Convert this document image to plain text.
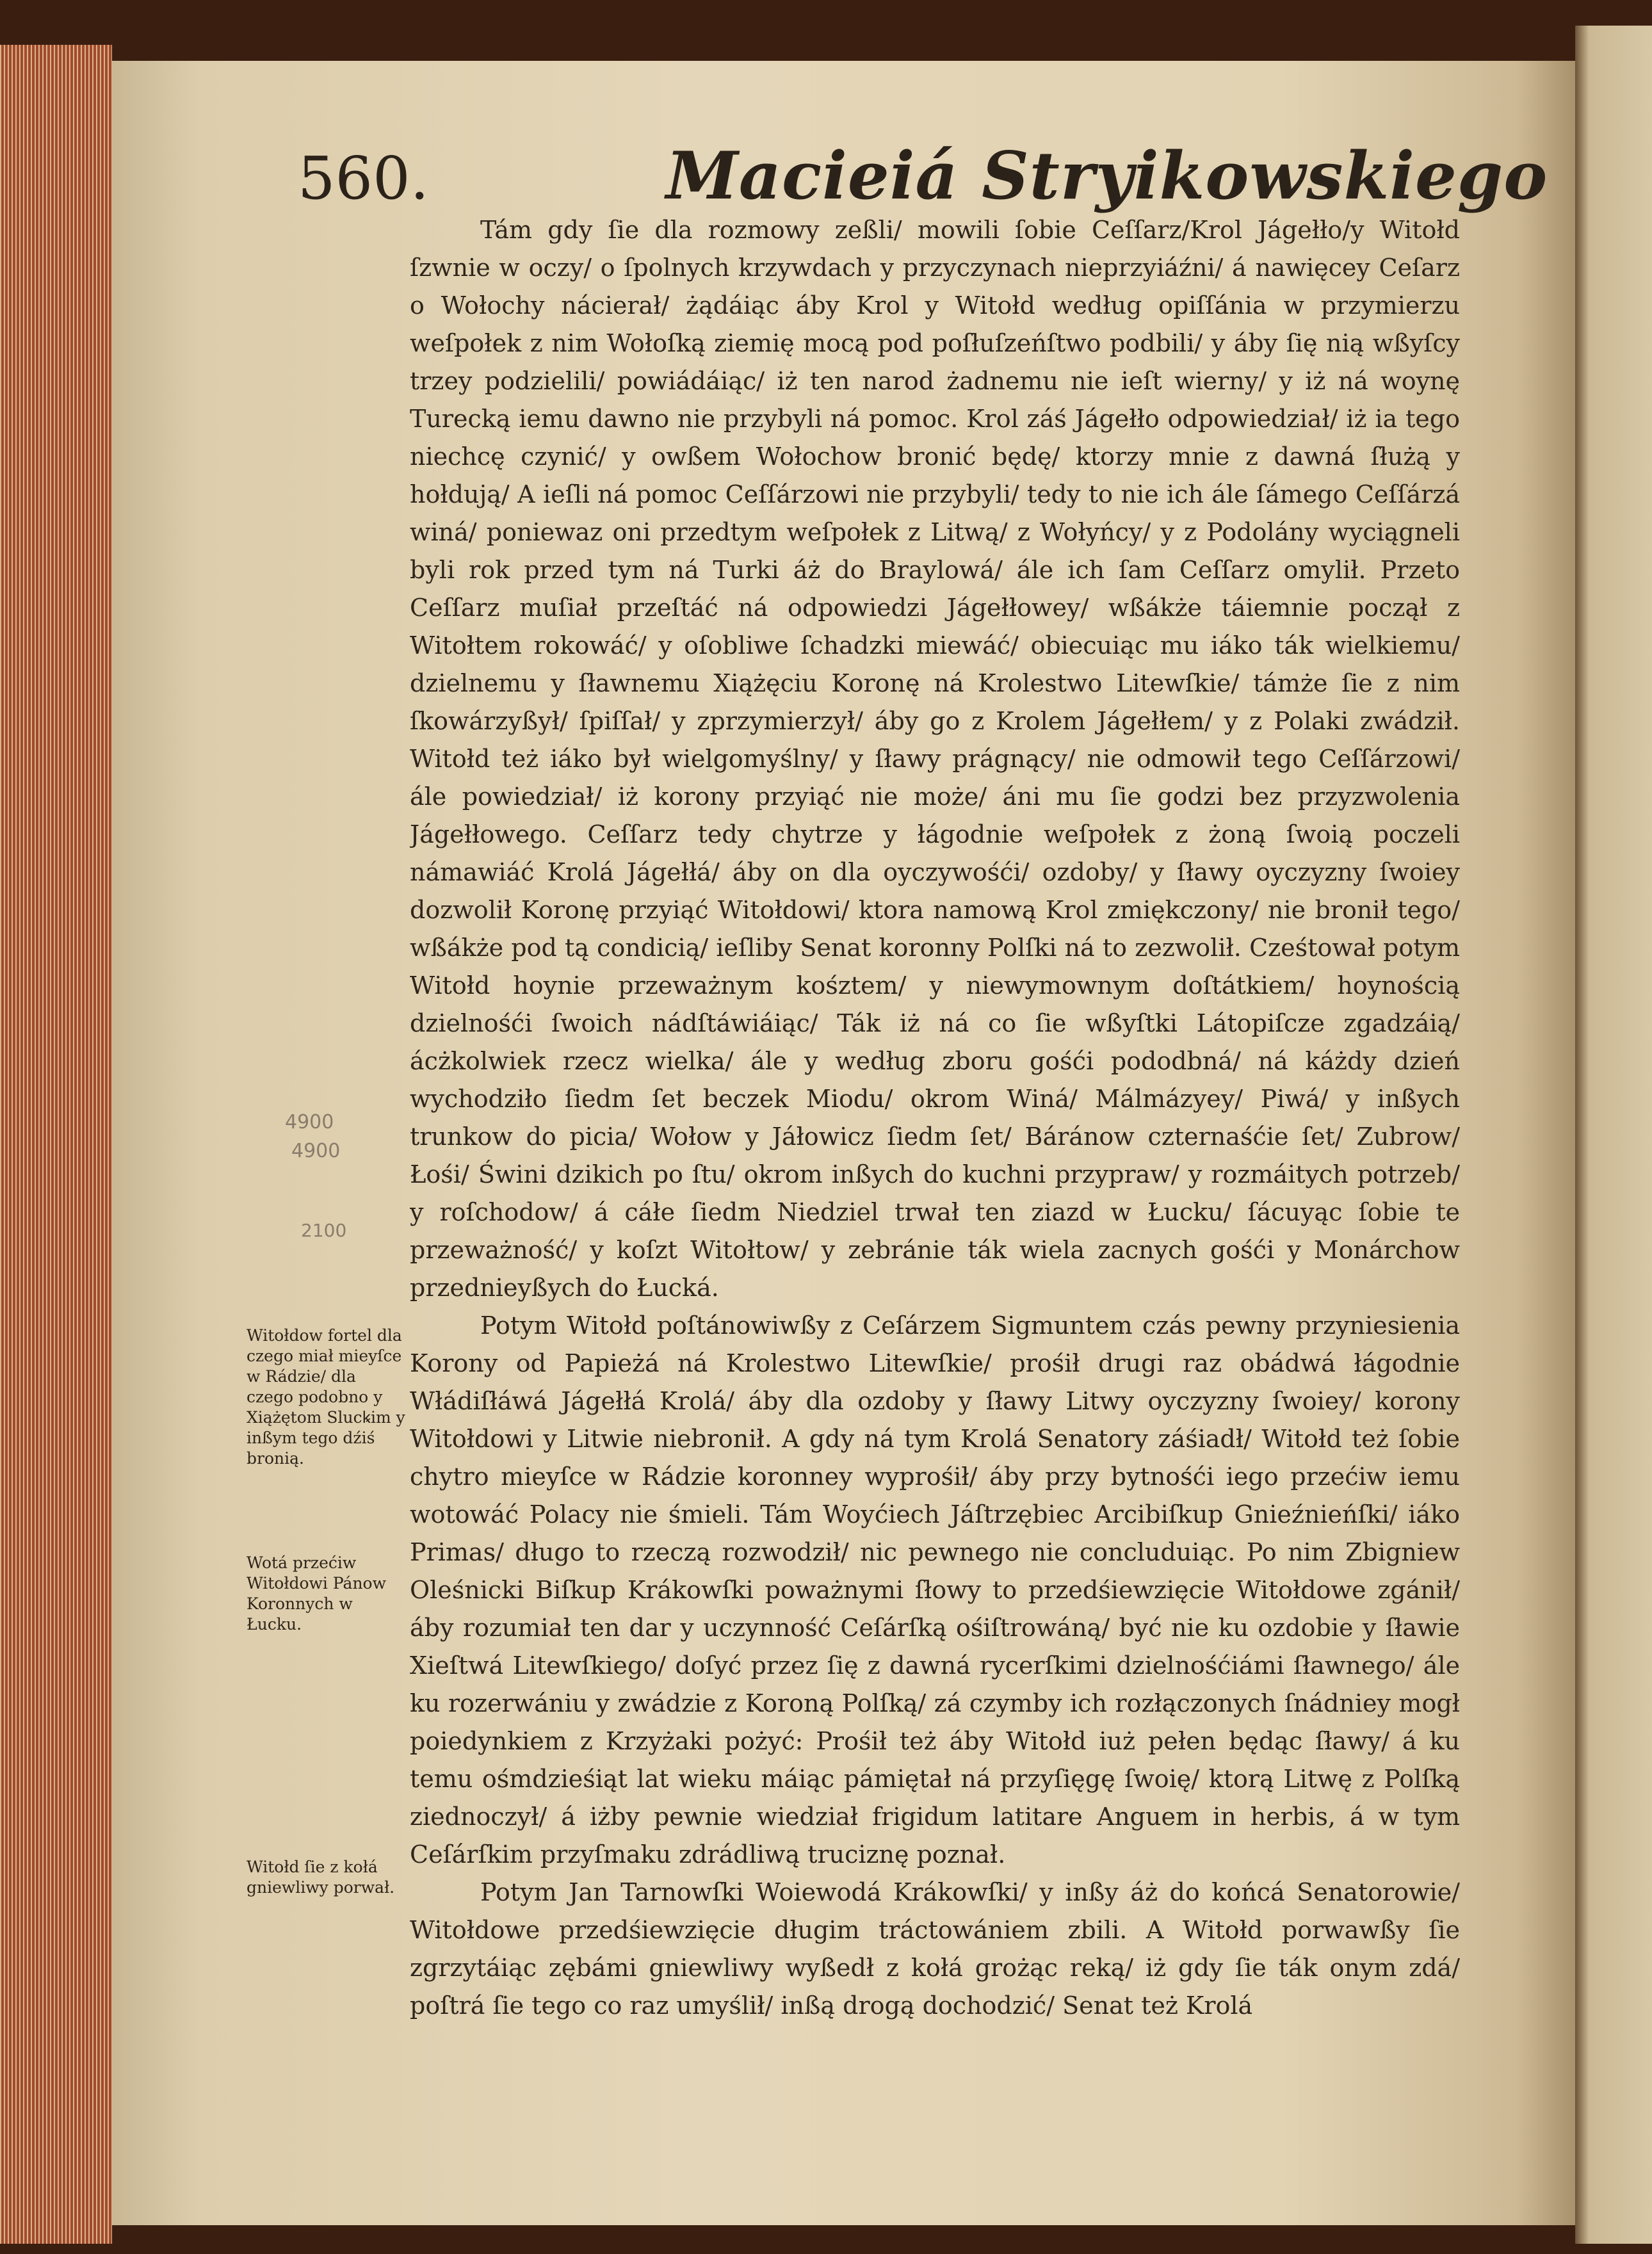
560.	Macieiá Stryikowskiego

Tám gdy ſie dla rozmowy zeßli/ mowili ſobie Ceſſarz/Krol Jágełło/y Witołd ſzwnie w oczy/ o ſpolnych krzywdach y przyczynach nieprzyiáźni/ á nawięcey Ceſarz o Wołochy nácierał/ żądáiąc áby Krol y Witołd według opiſſánia w przymierzu weſpołek z nim Wołoſką ziemię mocą pod poſłuſzeńſtwo podbili/ y áby ſię nią wßyſcy trzey podzielili/ powiádáiąc/ iż ten narod żadnemu nie ieſt wierny/ y iż ná woynę Turecką iemu dawno nie przybyli ná pomoc. Krol záś Jágełło odpowiedział/ iż ia tego niechcę czynić/ y owßem Wołochow bronić będę/ ktorzy mnie z dawná ſłużą y hołdują/ A ieſli ná pomoc Ceſſárzowi nie przybyli/ tedy to nie ich ále ſámego Ceſſárzá winá/ poniewaz oni przedtym weſpołek z Litwą/ z Wołyńcy/ y z Podolány wyciągneli byli rok przed tym ná Turki áż do Braylowá/ ále ich ſam Ceſſarz omylił. Przeto Ceſſarz muſiał przeſtáć ná odpowiedzi Jágełłowey/ wßákże táiemnie począł z Witołtem rokowáć/ y oſobliwe ſchadzki miewáć/ obiecuiąc mu iáko ták wielkiemu/ dzielnemu y ſławnemu Xiążęciu Koronę ná Krolestwo Litewſkie/ támże ſie z nim ſkowárzyßył/ ſpiſſał/ y zprzymierzył/ áby go z Krolem Jágełłem/ y z Polaki zwádził. Witołd też iáko był wielgomyślny/ y ſławy prágnący/ nie odmowił tego Ceſſárzowi/ ále powiedział/ iż korony przyiąć nie może/ áni mu ſie godzi bez przyzwolenia Jágełłowego. Ceſſarz tedy chytrze y łágodnie weſpołek z żoną ſwoią poczeli námawiáć Krolá Jágełłá/ áby on dla oyczywośći/ ozdoby/ y ſławy oyczyzny ſwoiey dozwolił Koronę przyiąć Witołdowi/ ktora namową Krol zmiękczony/ nie bronił tego/ wßákże pod tą condicią/ ieſliby Senat koronny Polſki ná to zezwolił. Cześtował potym Witołd hoynie przeważnym kośztem/ y niewymownym doſtátkiem/ hoynością dzielnośći ſwoich nádſtáwiáiąc/ Ták iż ná co ſie wßyſtki Látopiſcze zgadzáią/ ácżkolwiek rzecz wielka/ ále y według zboru gośći pododbná/ ná káżdy dzień wychodziło ſiedm ſet beczek Miodu/ okrom Winá/ Málmázyey/ Piwá/ y inßych trunkow do picia/ Wołow y Jáłowicz ſiedm ſet/ Báránow czternaśćie ſet/ Zubrow/ Łośi/ Świni dzikich po ſtu/ okrom inßych do kuchni przypraw/ y rozmáitych potrzeb/ y roſchodow/ á cáłe ſiedm Niedziel trwał ten ziazd w Łucku/ ſácuyąc ſobie te przeważność/ y koſzt Witołtow/ y zebránie ták wiela zacnych gośći y Monárchow przednieyßych do Łucká.

Potym Witołd poſtánowiwßy z Ceſárzem Sigmuntem czás pewny przyniesienia Korony od Papieżá ná Krolestwo Litewſkie/ prośił drugi raz obádwá łágodnie Włádiſłáwá Jágełłá Krolá/ áby dla ozdoby y ſławy Litwy oyczyzny ſwoiey/ korony Witołdowi y Litwie niebronił. A gdy ná tym Krolá Senatory záśiadł/ Witołd też ſobie chytro mieyſce w Rádzie koronney wyprośił/ áby przy bytnośći iego przećiw iemu wotowáć Polacy nie śmieli. Tám Woyćiech Jáſtrzębiec Arcibiſkup Gnieźnieńſki/ iáko Primas/ długo to rzeczą rozwodził/ nic pewnego nie concluduiąc. Po nim Zbigniew Oleśnicki Biſkup Krákowſki poważnymi ſłowy to przedśiewzięcie Witołdowe zgánił/ áby rozumiał ten dar y uczynność Ceſárſką ośiſtrowáną/ być nie ku ozdobie y ſławie Xieſtwá Litewſkiego/ doſyć przez ſię z dawná rycerſkimi dzielnośćiámi ſławnego/ ále ku rozerwániu y zwádzie z Koroną Polſką/ zá czymby ich rozłączonych ſnádniey mogł poiedynkiem z Krzyżaki pożyć: Prośił też áby Witołd iuż pełen będąc ſławy/ á ku temu ośmdzieśiąt lat wieku máiąc pámiętał ná przyſięgę ſwoię/ ktorą Litwę z Polſką ziednoczył/ á iżby pewnie wiedział frigidum latitare Anguem in herbis, á w tym Ceſárſkim przyſmaku zdrádliwą truciznę poznał.

Potym Jan Tarnowſki Woiewodá Krákowſki/ y inßy áż do końcá Senatorowie/ Witołdowe przedśiewzięcie długim tráctowániem zbili. A Witołd porwawßy ſie zgrzytáiąc zębámi gniewliwy wyßedł z kołá grożąc reką/ iż gdy ſie ták onym zdá/ poſtrá ſie tego co raz umyślił/ inßą drogą dochodzić/ Senat też Krolá

Witołdow fortel dla czego miał mieyſce w Rádzie/ dla czego podobno y Xiążętom Slucꝃim y inßym tego dźiś bronią.
Wotá przećiw Witołdowi Pánow Koronnych w Łucku.
Witołd ſie z kołá gniewliwy porwał.
4900
4900
2100
